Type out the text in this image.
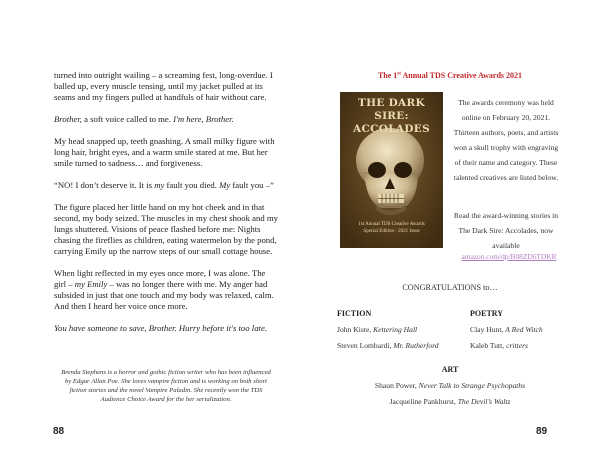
turned into outright wailing – a screaming fest, long-overdue. I balled up, every muscle tensing, until my jacket pulled at its seams and my fingers pulled at handfuls of hair without care.

Brother, a soft voice called to me. I'm here, Brother.

My head snapped up, teeth gnashing. A small milky figure with long hair, bright eyes, and a warm smile stared at me. But her smile turned to sadness… and forgiveness.

“NO! I don’t deserve it. It is my fault you died. My fault you –”

The figure placed her little hand on my hot cheek and in that second, my body seized. The muscles in my chest shook and my lungs shuttered. Visions of peace flashed before me: Nights chasing the fireflies as children, eating watermelon by the pond, carrying Emily up the narrow steps of our small cottage house.

When light reflected in my eyes once more, I was alone. The girl – my Emily – was no longer there with me. My anger had subsided in just that one touch and my body was relaxed, calm. And then I heard her voice once more.

You have someone to save, Brother. Hurry before it's too late.

Brenda Stephens is a horror and gothic fiction writer who has been influenced by Edgar Allan Poe. She loves vampire fiction and is working on both short fiction stories and the novel Vampire Paladin. She recently won the TDS Audience Choice Award for the her serialization.
88
The 1st Annual TDS Creative Awards 2021
THE DARK SIRE:
ACCOLADES
1st Annual TDS Creative Awards
Special Edition - 2021 Issue
The awards ceremony was held online on February 20, 2021. Thirteen authors, poets, and artists won a skull trophy with engraving of their name and category. These talented creatives are listed below.
Read the award-winning stories in The Dark Sire: Accolades, now available
amazon.com/dp/B08ZD6TDKR
CONGRATULATIONS to…
FICTION
John Kiste, Kettering Hall
Steven Lombardi, Mr. Rutherford
POETRY
Clay Hunt, A Red Witch
Kaleb Tutt, critters
ART
Shaun Power, Never Talk to Strange Psychopaths
Jacqueline Pankhurst, The Devil’s Waltz
89
